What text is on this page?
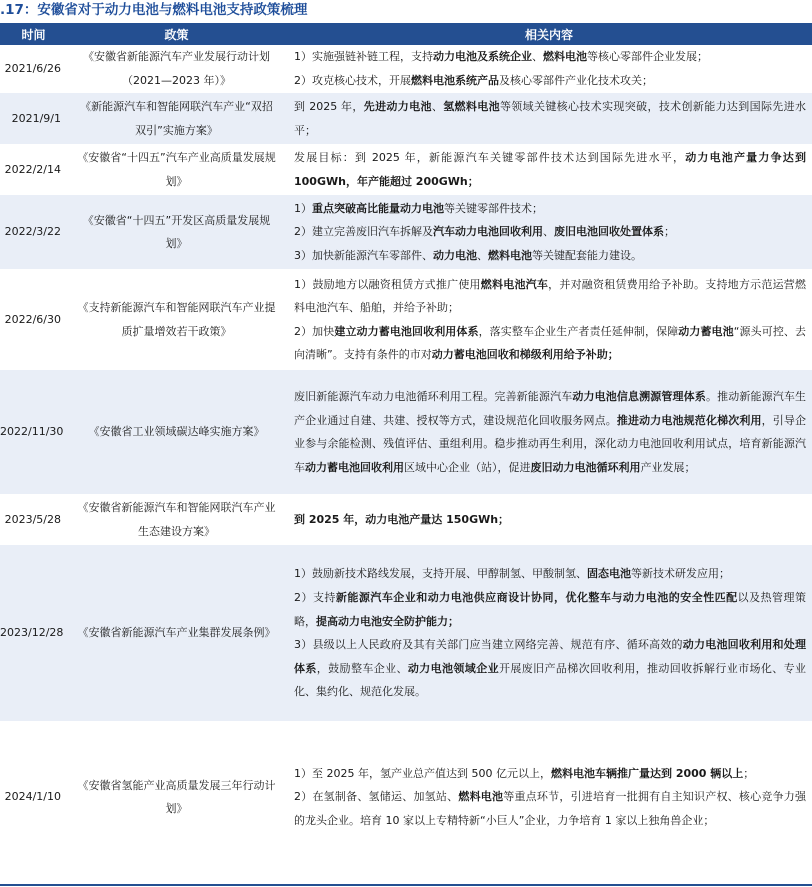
.17：安徽省对于动力电池与燃料电池支持政策梳理
时间	政策	相关内容
2021/6/26	《安徽省新能源汽车产业发展行动计划（2021—2023 年）》	1）实施强链补链工程，支持动力电池及系统企业、燃料电池等核心零部件企业发展；

2）攻克核心技术，开展燃料电池系统产品及核心零部件产业化技术攻关；

2021/9/1	《新能源汽车和智能网联汽车产业“双招双引”实施方案》	到 2025 年，先进动力电池、氢燃料电池等领域关键核心技术实现突破，技术创新能力达到国际先进水平；

2022/2/14	《安徽省“十四五”汽车产业高质量发展规划》	发展目标：到 2025 年，新能源汽车关键零部件技术达到国际先进水平，动力电池产量力争达到 100GWh，年产能超过 200GWh；

2022/3/22	《安徽省“十四五”开发区高质量发展规划》	1）重点突破高比能量动力电池等关键零部件技术；

2）建立完善废旧汽车拆解及汽车动力电池回收利用、废旧电池回收处置体系；

3）加快新能源汽车零部件、动力电池、燃料电池等关键配套能力建设。

2022/6/30	《支持新能源汽车和智能网联汽车产业提质扩量增效若干政策》	1）鼓励地方以融资租赁方式推广使用燃料电池汽车，并对融资租赁费用给予补助。支持地方示范运营燃料电池汽车、船舶，并给予补助；

2）加快建立动力蓄电池回收利用体系，落实整车企业生产者责任延伸制，保障动力蓄电池“源头可控、去向清晰”。支持有条件的市对动力蓄电池回收和梯级利用给予补助；

2022/11/30	《安徽省工业领域碳达峰实施方案》	废旧新能源汽车动力电池循环利用工程。完善新能源汽车动力电池信息溯源管理体系。推动新能源汽车生产企业通过自建、共建、授权等方式，建设规范化回收服务网点。推进动力电池规范化梯次利用，引导企业参与余能检测、残值评估、重组利用。稳步推动再生利用，深化动力电池回收利用试点，培育新能源汽车动力蓄电池回收利用区域中心企业（站），促进废旧动力电池循环利用产业发展；

2023/5/28	《安徽省新能源汽车和智能网联汽车产业生态建设方案》	到 2025 年，动力电池产量达 150GWh；

2023/12/28	《安徽省新能源汽车产业集群发展条例》	1）鼓励新技术路线发展，支持开展、甲醇制氢、甲酸制氢、固态电池等新技术研发应用；

2）支持新能源汽车企业和动力电池供应商设计协同，优化整车与动力电池的安全性匹配以及热管理策略，提高动力电池安全防护能力；

3）县级以上人民政府及其有关部门应当建立网络完善、规范有序、循环高效的动力电池回收利用和处理体系，鼓励整车企业、动力电池领域企业开展废旧产品梯次回收利用，推动回收拆解行业市场化、专业化、集约化、规范化发展。

2024/1/10	《安徽省氢能产业高质量发展三年行动计划》	1）至 2025 年，氢产业总产值达到 500 亿元以上，燃料电池车辆推广量达到 2000 辆以上；

2）在氢制备、氢储运、加氢站、燃料电池等重点环节，引进培育一批拥有自主知识产权、核心竞争力强的龙头企业。培育 10 家以上专精特新“小巨人”企业，力争培育 1 家以上独角兽企业；
